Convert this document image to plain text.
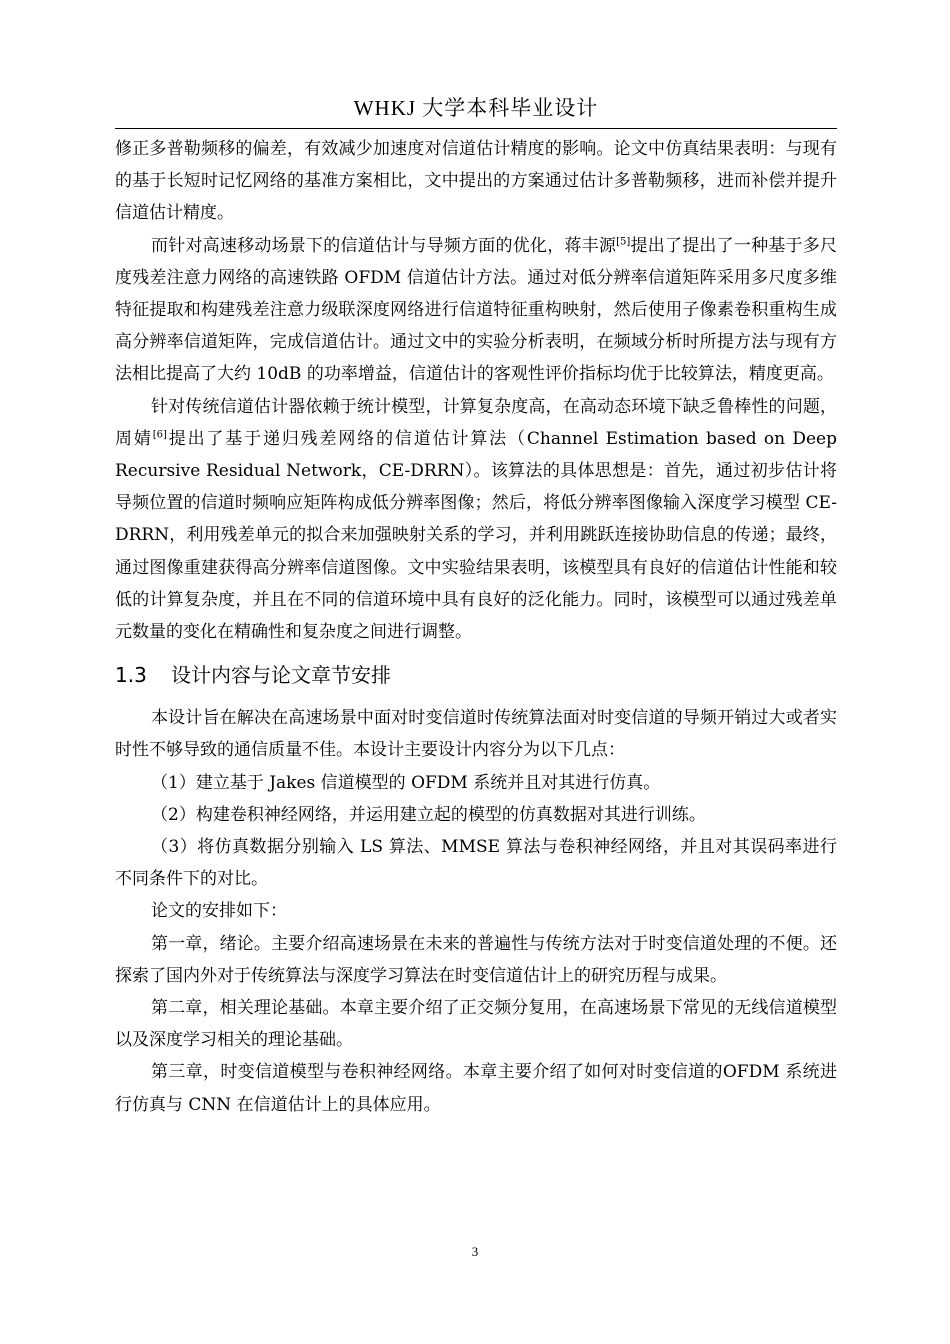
WHKJ 大学本科毕业设计

修正多普勒频移的偏差，有效减少加速度对信道估计精度的影响。论文中仿真结果表明：与现有的基于长短时记忆网络的基准方案相比，文中提出的方案通过估计多普勒频移，进而补偿并提升信道估计精度。

而针对高速移动场景下的信道估计与导频方面的优化，蒋丰源[5]提出了提出了一种基于多尺度残差注意力网络的高速铁路 OFDM 信道估计方法。通过对低分辨率信道矩阵采用多尺度多维特征提取和构建残差注意力级联深度网络进行信道特征重构映射，然后使用子像素卷积重构生成高分辨率信道矩阵，完成信道估计。通过文中的实验分析表明，在频域分析时所提方法与现有方法相比提高了大约 10dB 的功率增益，信道估计的客观性评价指标均优于比较算法，精度更高。

针对传统信道估计器依赖于统计模型，计算复杂度高，在高动态环境下缺乏鲁棒性的问题，周婧[6]提出了基于递归残差网络的信道估计算法（Channel Estimation based on Deep Recursive Residual Network，CE-DRRN）。该算法的具体思想是：首先，通过初步估计将导频位置的信道时频响应矩阵构成低分辨率图像；然后，将低分辨率图像输入深度学习模型 CE-DRRN，利用残差单元的拟合来加强映射关系的学习，并利用跳跃连接协助信息的传递；最终，通过图像重建获得高分辨率信道图像。文中实验结果表明，该模型具有良好的信道估计性能和较低的计算复杂度，并且在不同的信道环境中具有良好的泛化能力。同时，该模型可以通过残差单元数量的变化在精确性和复杂度之间进行调整。

1.3 设计内容与论文章节安排

本设计旨在解决在高速场景中面对时变信道时传统算法面对时变信道的导频开销过大或者实时性不够导致的通信质量不佳。本设计主要设计内容分为以下几点：

（1）建立基于 Jakes 信道模型的 OFDM 系统并且对其进行仿真。

（2）构建卷积神经网络，并运用建立起的模型的仿真数据对其进行训练。

（3）将仿真数据分别输入 LS 算法、MMSE 算法与卷积神经网络，并且对其误码率进行不同条件下的对比。

论文的安排如下：

第一章，绪论。主要介绍高速场景在未来的普遍性与传统方法对于时变信道处理的不便。还探索了国内外对于传统算法与深度学习算法在时变信道估计上的研究历程与成果。

第二章，相关理论基础。本章主要介绍了正交频分复用，在高速场景下常见的无线信道模型以及深度学习相关的理论基础。

第三章，时变信道模型与卷积神经网络。本章主要介绍了如何对时变信道的OFDM 系统进行仿真与 CNN 在信道估计上的具体应用。

3
